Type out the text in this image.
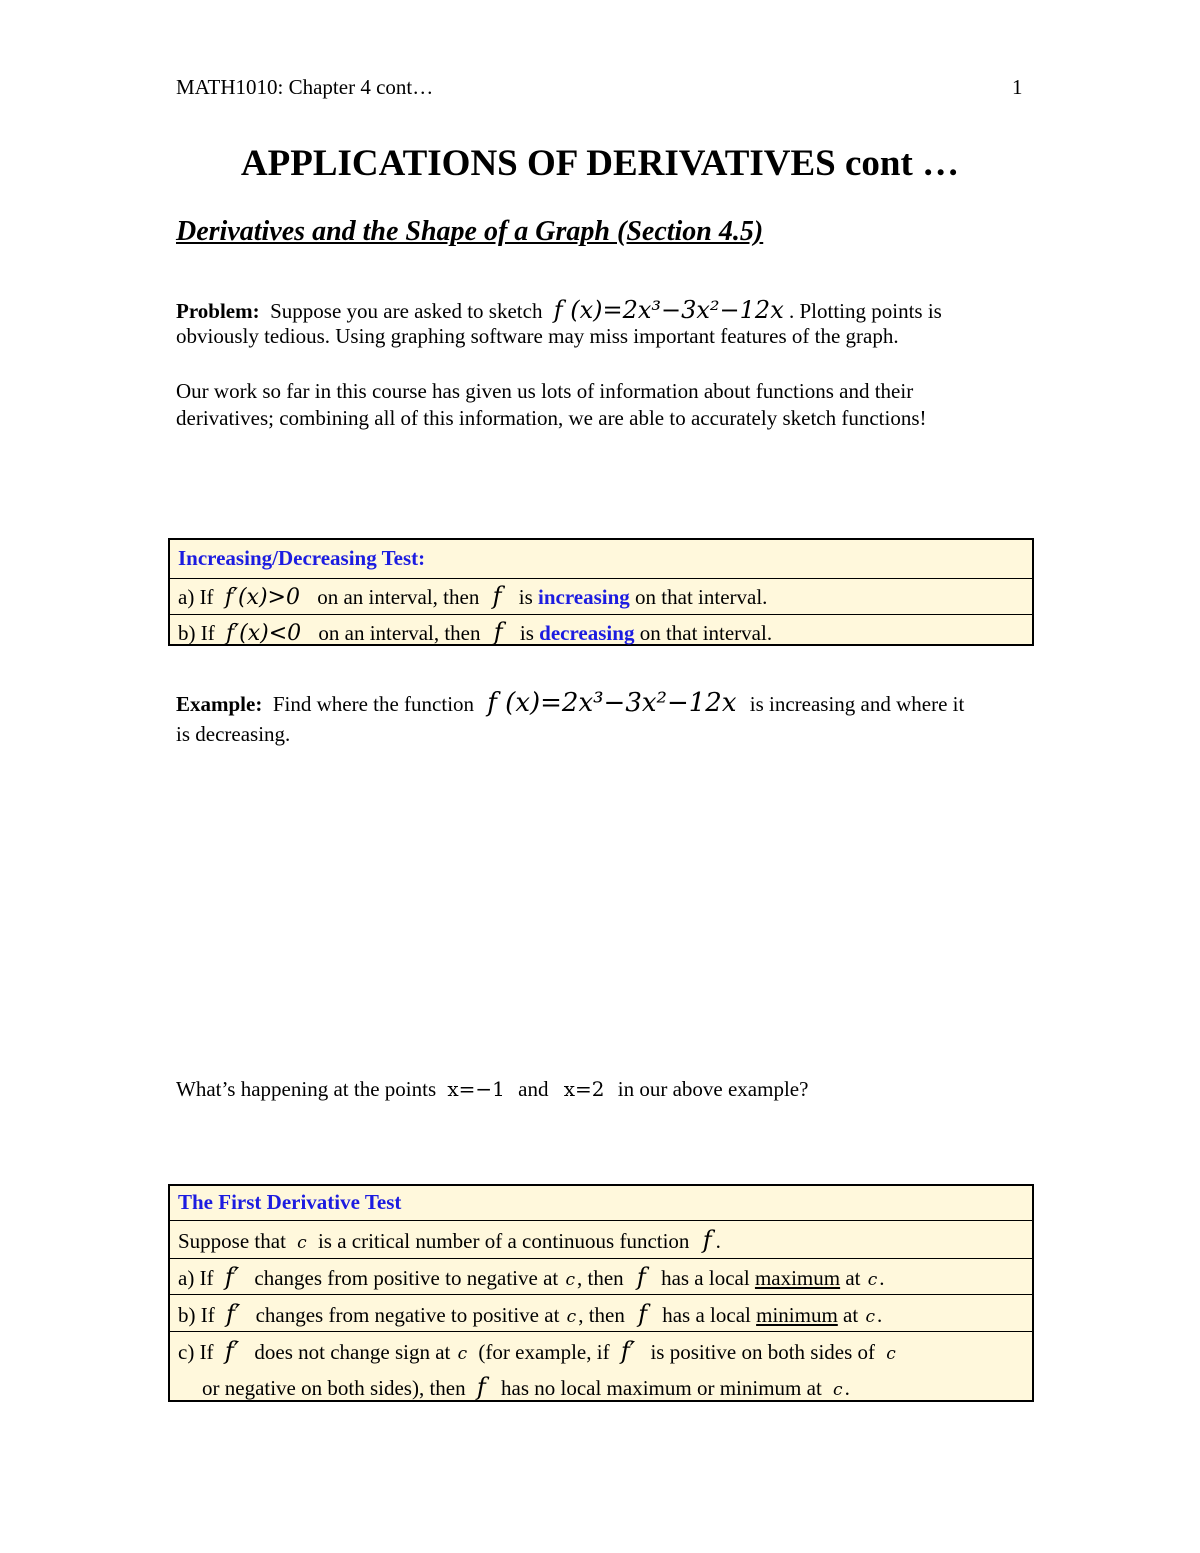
MATH1010: Chapter 4 cont…	1
APPLICATIONS OF DERIVATIVES cont …
Derivatives and the Shape of a Graph (Section 4.5)
Problem: Suppose you are asked to sketch f (x)=2x³−3x²−12x . Plotting points is
obviously tedious. Using graphing software may miss important features of the graph.
Our work so far in this course has given us lots of information about functions and their
derivatives; combining all of this information, we are able to accurately sketch functions!
Increasing/Decreasing Test:
a) If f′(x)>0 on an interval, then f is increasing on that interval.
b) If f′(x)<0 on an interval, then f is decreasing on that interval.
Example: Find where the function f (x)=2x³−3x²−12x is increasing and where it
is decreasing.
What’s happening at the points x=−1 and x=2 in our above example?
The First Derivative Test
Suppose that c is a critical number of a continuous function f .
a) If f′ changes from positive to negative at c, then f has a local maximum at c.
b) If f′ changes from negative to positive at c, then f has a local minimum at c.
c) If f′ does not change sign at c (for example, if f′ is positive on both sides of c
or negative on both sides), then f has no local maximum or minimum at c.
